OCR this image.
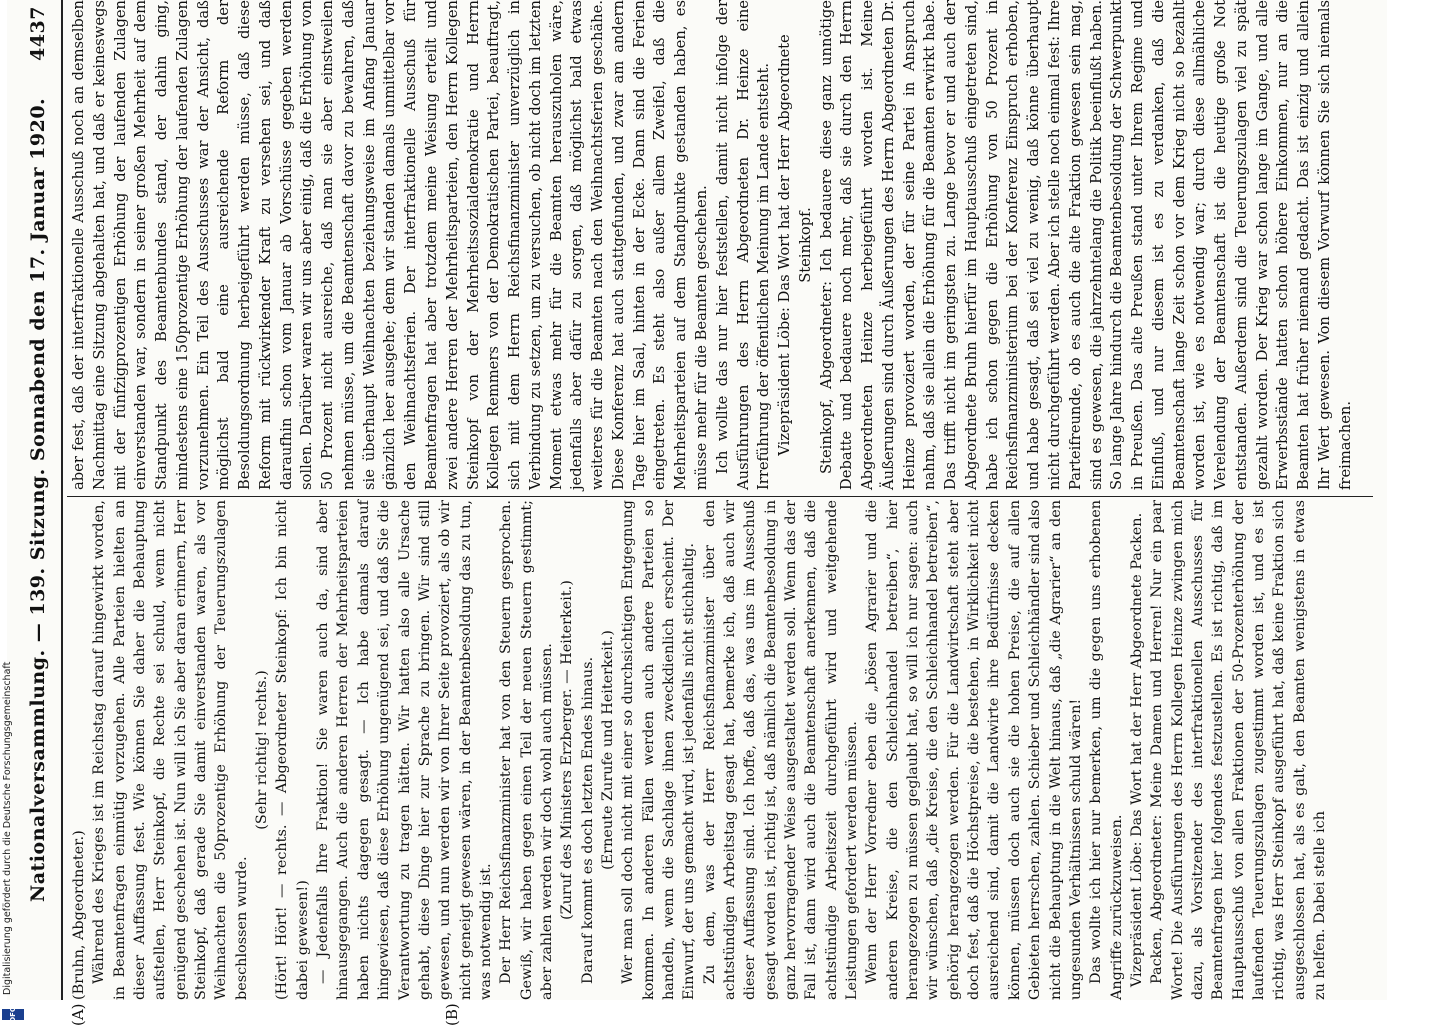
Nationalversammlung. — 139. Sitzung. Sonnabend den 17. Januar 1920.
4437
(A)	(B)

(Bruhn, Abgeordneter.) Während des Krieges ist im Reichstag darauf hingewirkt worden, in Beamtenfragen einmütig vorzugehen. Alle Parteien hielten an dieser Auffassung fest. Wie können Sie daher die Behauptung aufstellen, Herr Steinkopf, die Rechte sei schuld, wenn nicht genügend geschehen ist. Nun will ich Sie aber daran erinnern, Herr Steinkopf, daß gerade Sie damit einverstanden waren, als vor Weihnachten die 50prozentige Erhöhung der Teuerungszulagen beschlossen wurde.

(Sehr richtig! rechts.) (Hört! Hört! — rechts. — Abgeordneter Steinkopf: Ich bin nicht dabei gewesen!) — Jedenfalls Ihre Fraktion! Sie waren auch da, sind aber hinausgegangen. Auch die anderen Herren der Mehrheitsparteien haben nichts dagegen gesagt. — Ich habe damals darauf hingewiesen, daß diese Erhöhung ungenügend sei, und daß Sie die Verantwortung zu tragen hätten. Wir hatten also alle Ursache gehabt, diese Dinge hier zur Sprache zu bringen. Wir sind still gewesen, und nun werden wir von Ihrer Seite provoziert, als ob wir nicht geneigt gewesen wären, in der Beamtenbesoldung das zu tun, was notwendig ist. Der Herr Reichsfinanzminister hat von den Steuern gesprochen. Gewiß, wir haben gegen einen Teil der neuen Steuern gestimmt; aber zahlen werden wir doch wohl auch müssen. (Zuruf des Ministers Erzberger. — Heiterkeit.) Darauf kommt es doch letzten Endes hinaus. (Erneute Zurufe und Heiterkeit.) Wer man soll doch nicht mit einer so durchsichtigen Entgegnung kommen. In anderen Fällen werden auch andere Parteien so handeln, wenn die Sachlage ihnen zweckdienlich erscheint. Der Einwurf, der uns gemacht wird, ist jedenfalls nicht stichhaltig. Zu dem, was der Herr Reichsfinanzminister über den achtstündigen Arbeitstag gesagt hat, bemerke ich, daß auch wir dieser Auffassung sind. Ich hoffe, daß das, was uns im Ausschuß gesagt worden ist, richtig ist, daß nämlich die Beamtenbesoldung in ganz hervorragender Weise ausgestaltet werden soll. Wenn das der Fall ist, dann wird auch die Beamtenschaft anerkennen, daß die achtstündige Arbeitszeit durchgeführt wird und weitgehende Leistungen gefordert werden müssen. Wenn der Herr Vorredner eben die „bösen Agrarier und die anderen Kreise, die den Schleichhandel betreiben“, hier herangezogen zu müssen geglaubt hat, so will ich nur sagen: auch wir wünschen, daß „die Kreise, die den Schleichhandel betreiben“, gehörig herangezogen werden. Für die Landwirtschaft steht aber doch fest, daß die Höchstpreise, die bestehen, in Wirklichkeit nicht ausreichend sind, damit die Landwirte ihre Bedürfnisse decken können, müssen doch auch sie die hohen Preise, die auf allen Gebieten herrschen, zahlen. Schieber und Schleichhändler sind also nicht die Behauptung in die Welt hinaus, daß „die Agrarier“ an den ungesunden Verhältnissen schuld wären! Das wollte ich hier nur bemerken, um die gegen uns erhobenen Angriffe zurückzuweisen. Vizepräsident Löbe: Das Wort hat der Herr Abgeordnete Packen. Packen, Abgeordneter: Meine Damen und Herren! Nur ein paar Worte! Die Ausführungen des Herrn Kollegen Heinze zwingen mich dazu, als Vorsitzender des interfraktionellen Ausschusses für Beamtenfragen hier folgendes festzustellen. Es ist richtig, daß im Hauptausschuß von allen Fraktionen der 50-Prozenterhöhung der laufenden Teuerungszulagen zugestimmt worden ist, und es ist richtig, was Herr Steinkopf ausgeführt hat, daß keine Fraktion sich ausgeschlossen hat, als es galt, den Beamten wenigstens in etwas zu helfen. Dabei stelle ich

aber fest, daß der interfraktionelle Ausschuß noch an demselben Nachmittag eine Sitzung abgehalten hat, und daß er keineswegs mit der fünfzigprozentigen Erhöhung der laufenden Zulagen einverstanden war, sondern in seiner großen Mehrheit auf dem Standpunkt des Beamtenbundes stand, der dahin ging, mindestens eine 150prozentige Erhöhung der laufenden Zulagen vorzunehmen. Ein Teil des Ausschusses war der Ansicht, daß möglichst bald eine ausreichende Reform der Besoldungsordnung herbeigeführt werden müsse, daß diese Reform mit rückwirkender Kraft zu versehen sei, und daß daraufhin schon vom Januar ab Vorschüsse gegeben werden sollen. Darüber waren wir uns aber einig, daß die Erhöhung von 50 Prozent nicht ausreiche, daß man sie aber einstweilen nehmen müsse, um die Beamtenschaft davor zu bewahren, daß sie überhaupt Weihnachten beziehungsweise im Anfang Januar gänzlich leer ausgehe; denn wir standen damals unmittelbar vor den Weihnachtsferien. Der interfraktionelle Ausschuß für Beamtenfragen hat aber trotzdem meine Weisung erteilt und zwei andere Herren der Mehrheitsparteien, den Herrn Kollegen Steinkopf von der Mehrheitssozialdemokratie und Herrn Kollegen Remmers von der Demokratischen Partei, beauftragt, sich mit dem Herrn Reichsfinanzminister unverzüglich in Verbindung zu setzen, um zu versuchen, ob nicht doch im letzten Moment etwas mehr für die Beamten herauszuholen wäre, jedenfalls aber dafür zu sorgen, daß möglichst bald etwas weiteres für die Beamten nach den Weihnachtsferien geschähe. Diese Konferenz hat auch stattgefunden, und zwar am andern Tage hier im Saal, hinten in der Ecke. Dann sind die Ferien eingetreten. Es steht also außer allem Zweifel, daß die Mehrheitsparteien auf dem Standpunkte gestanden haben, es müsse mehr für die Beamten geschehen. Ich wollte das nur hier feststellen, damit nicht infolge der Ausführungen des Herrn Abgeordneten Dr. Heinze eine Irreführung der öffentlichen Meinung im Lande entsteht. Vizepräsident Löbe: Das Wort hat der Herr Abgeordnete Steinkopf. Steinkopf, Abgeordneter: Ich bedauere diese ganz unnötige Debatte und bedauere noch mehr, daß sie durch den Herrn Abgeordneten Heinze herbeigeführt worden ist. Meine Äußerungen sind durch Äußerungen des Herrn Abgeordneten Dr. Heinze provoziert worden, der für seine Partei in Anspruch nahm, daß sie allein die Erhöhung für die Beamten erwirkt habe. Das trifft nicht im geringsten zu. Lange bevor er und auch der Abgeordnete Bruhn hierfür im Hauptausschuß eingetreten sind, habe ich schon gegen die Erhöhung von 50 Prozent in Reichsfinanzministerium bei der Konferenz Einspruch erhoben, und habe gesagt, daß sei viel zu wenig, daß könne überhaupt nicht durchgeführt werden. Aber ich stelle noch einmal fest: Ihre Parteifreunde, ob es auch die alte Fraktion gewesen sein mag, sind es gewesen, die jahrzehntelang die Politik beeinflußt haben. So lange Jahre hindurch die Beamtenbesoldung der Schwerpunkt in Preußen. Das alte Preußen stand unter Ihrem Regime und Einfluß, und nur diesem ist es zu verdanken, daß die Beamtenschaft lange Zeit schon vor dem Krieg nicht so bezahlt worden ist, wie es notwendig war; durch diese allmähliche Verelendung der Beamtenschaft ist die heutige große Not entstanden. Außerdem sind die Teuerungszulagen viel zu spät gezahlt worden. Der Krieg war schon lange im Gange, und alle Erwerbsstände hatten schon höhere Einkommen, nur an die Beamten hat früher niemand gedacht. Das ist einzig und allein Ihr Wert gewesen. Von diesem Vorwurf können Sie sich niemals freimachen.

Digitalisierung gefördert durch die Deutsche Forschungsgemeinschaft
DFG
